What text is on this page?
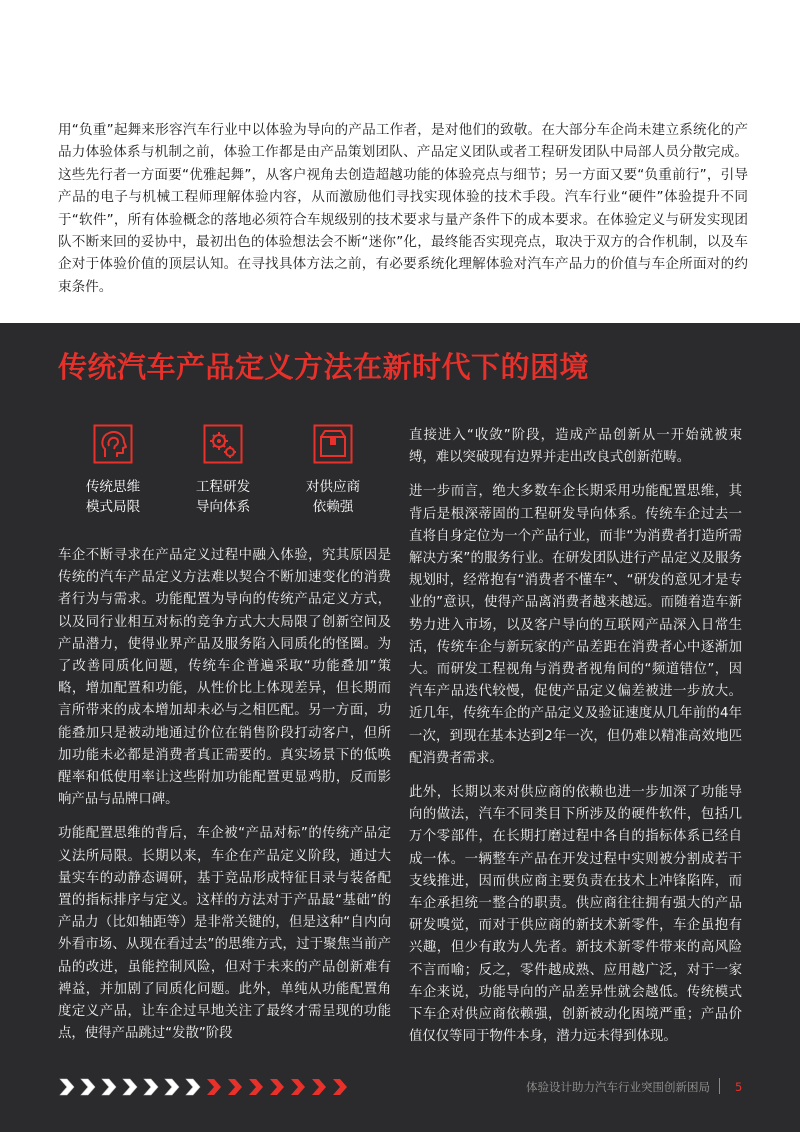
用“负重”起舞来形容汽车行业中以体验为导向的产品工作者，是对他们的致敬。在大部分车企尚未建立系统化的产品力体验体系与机制之前，体验工作都是由产品策划团队、产品定义团队或者工程研发团队中局部人员分散完成。这些先行者一方面要“优雅起舞”，从客户视角去创造超越功能的体验亮点与细节；另一方面又要“负重前行”，引导产品的电子与机械工程师理解体验内容，从而激励他们寻找实现体验的技术手段。汽车行业“硬件”体验提升不同于“软件”，所有体验概念的落地必须符合车规级别的技术要求与量产条件下的成本要求。在体验定义与研发实现团队不断来回的妥协中，最初出色的体验想法会不断“迷你”化，最终能否实现亮点，取决于双方的合作机制，以及车企对于体验价值的顶层认知。在寻找具体方法之前，有必要系统化理解体验对汽车产品力的价值与车企所面对的约束条件。
传统汽车产品定义方法在新时代下的困境
传统思维
模式局限
工程研发
导向体系
对供应商
依赖强

车企不断寻求在产品定义过程中融入体验，究其原因是传统的汽车产品定义方法难以契合不断加速变化的消费者行为与需求。功能配置为导向的传统产品定义方式，以及同行业相互对标的竞争方式大大局限了创新空间及产品潜力，使得业界产品及服务陷入同质化的怪圈。为了改善同质化问题，传统车企普遍采取“功能叠加”策略，增加配置和功能，从性价比上体现差异，但长期而言所带来的成本增加却未必与之相匹配。另一方面，功能叠加只是被动地通过价位在销售阶段打动客户，但所加功能未必都是消费者真正需要的。真实场景下的低唤醒率和低使用率让这些附加功能配置更显鸡肋，反而影响产品与品牌口碑。

功能配置思维的背后，车企被“产品对标”的传统产品定义法所局限。长期以来，车企在产品定义阶段，通过大量实车的动静态调研，基于竞品形成特征目录与装备配置的指标排序与定义。这样的方法对于产品最“基础”的产品力（比如轴距等）是非常关键的，但是这种“自内向外看市场、从现在看过去”的思维方式，过于聚焦当前产品的改进，虽能控制风险，但对于未来的产品创新难有裨益，并加剧了同质化问题。此外，单纯从功能配置角度定义产品，让车企过早地关注了最终才需呈现的功能点，使得产品跳过“发散”阶段

直接进入“收敛”阶段，造成产品创新从一开始就被束缚，难以突破现有边界并走出改良式创新范畴。

进一步而言，绝大多数车企长期采用功能配置思维，其背后是根深蒂固的工程研发导向体系。传统车企过去一直将自身定位为一个产品行业，而非“为消费者打造所需解决方案”的服务行业。在研发团队进行产品定义及服务规划时，经常抱有“消费者不懂车”、“研发的意见才是专业的”意识，使得产品离消费者越来越远。而随着造车新势力进入市场，以及客户导向的互联网产品深入日常生活，传统车企与新玩家的产品差距在消费者心中逐渐加大。而研发工程视角与消费者视角间的“频道错位”，因汽车产品迭代较慢，促使产品定义偏差被进一步放大。近几年，传统车企的产品定义及验证速度从几年前的4年一次，到现在基本达到2年一次，但仍难以精准高效地匹配消费者需求。

此外，长期以来对供应商的依赖也进一步加深了功能导向的做法，汽车不同类目下所涉及的硬件软件，包括几万个零部件，在长期打磨过程中各自的指标体系已经自成一体。一辆整车产品在开发过程中实则被分割成若干支线推进，因而供应商主要负责在技术上冲锋陷阵，而车企承担统一整合的职责。供应商往往拥有强大的产品研发嗅觉，而对于供应商的新技术新零件，车企虽抱有兴趣，但少有敢为人先者。新技术新零件带来的高风险不言而喻；反之，零件越成熟、应用越广泛，对于一家车企来说，功能导向的产品差异性就会越低。传统模式下车企对供应商依赖强，创新被动化困境严重；产品价值仅仅等同于物件本身，潜力远未得到体现。

体验设计助力汽车行业突围创新困局 5
